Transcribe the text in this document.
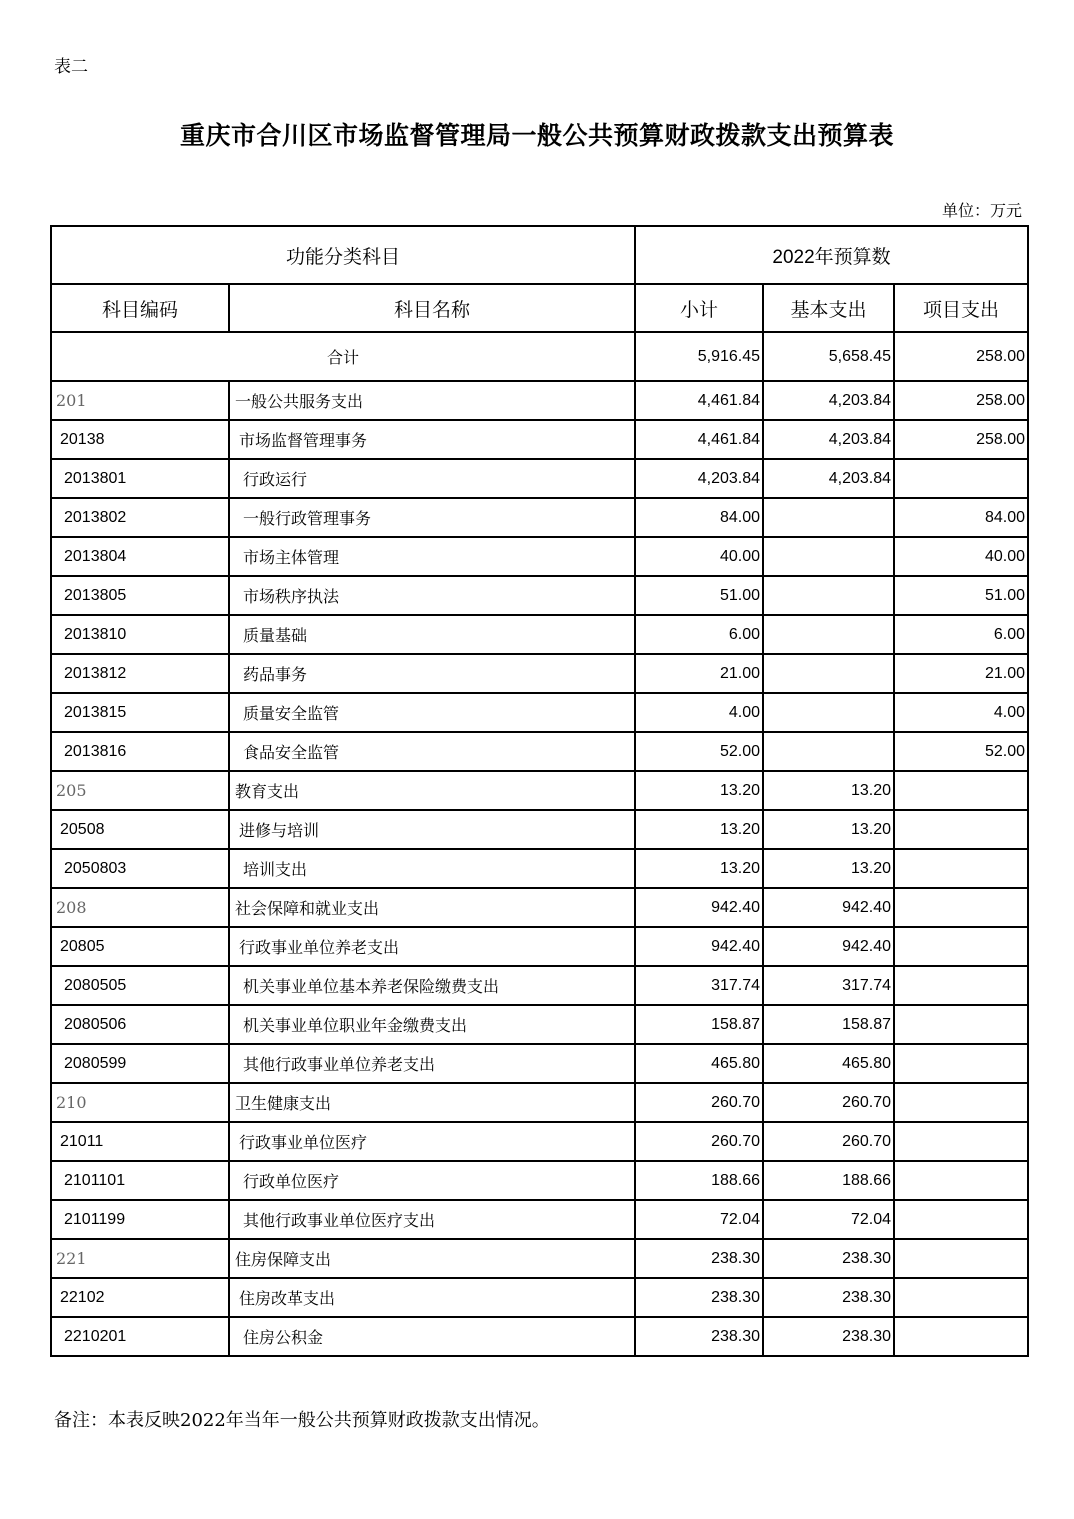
表二
重庆市合川区市场监督管理局一般公共预算财政拨款支出预算表
单位：万元
功能分类科目		2022年预算数		
科目编码	科目名称	小计	基本支出	项目支出
合计		5,916.45	5,658.45	258.00
201	一般公共服务支出	4,461.84	4,203.84	258.00
20138	市场监督管理事务	4,461.84	4,203.84	258.00
2013801	行政运行	4,203.84	4,203.84	
2013802	一般行政管理事务	84.00		84.00
2013804	市场主体管理	40.00		40.00
2013805	市场秩序执法	51.00		51.00
2013810	质量基础	6.00		6.00
2013812	药品事务	21.00		21.00
2013815	质量安全监管	4.00		4.00
2013816	食品安全监管	52.00		52.00
205	教育支出	13.20	13.20	
20508	进修与培训	13.20	13.20	
2050803	培训支出	13.20	13.20	
208	社会保障和就业支出	942.40	942.40	
20805	行政事业单位养老支出	942.40	942.40	
2080505	机关事业单位基本养老保险缴费支出	317.74	317.74	
2080506	机关事业单位职业年金缴费支出	158.87	158.87	
2080599	其他行政事业单位养老支出	465.80	465.80	
210	卫生健康支出	260.70	260.70	
21011	行政事业单位医疗	260.70	260.70	
2101101	行政单位医疗	188.66	188.66	
2101199	其他行政事业单位医疗支出	72.04	72.04	
221	住房保障支出	238.30	238.30	
22102	住房改革支出	238.30	238.30	
2210201	住房公积金	238.30	238.30	
备注：本表反映2022年当年一般公共预算财政拨款支出情况。
